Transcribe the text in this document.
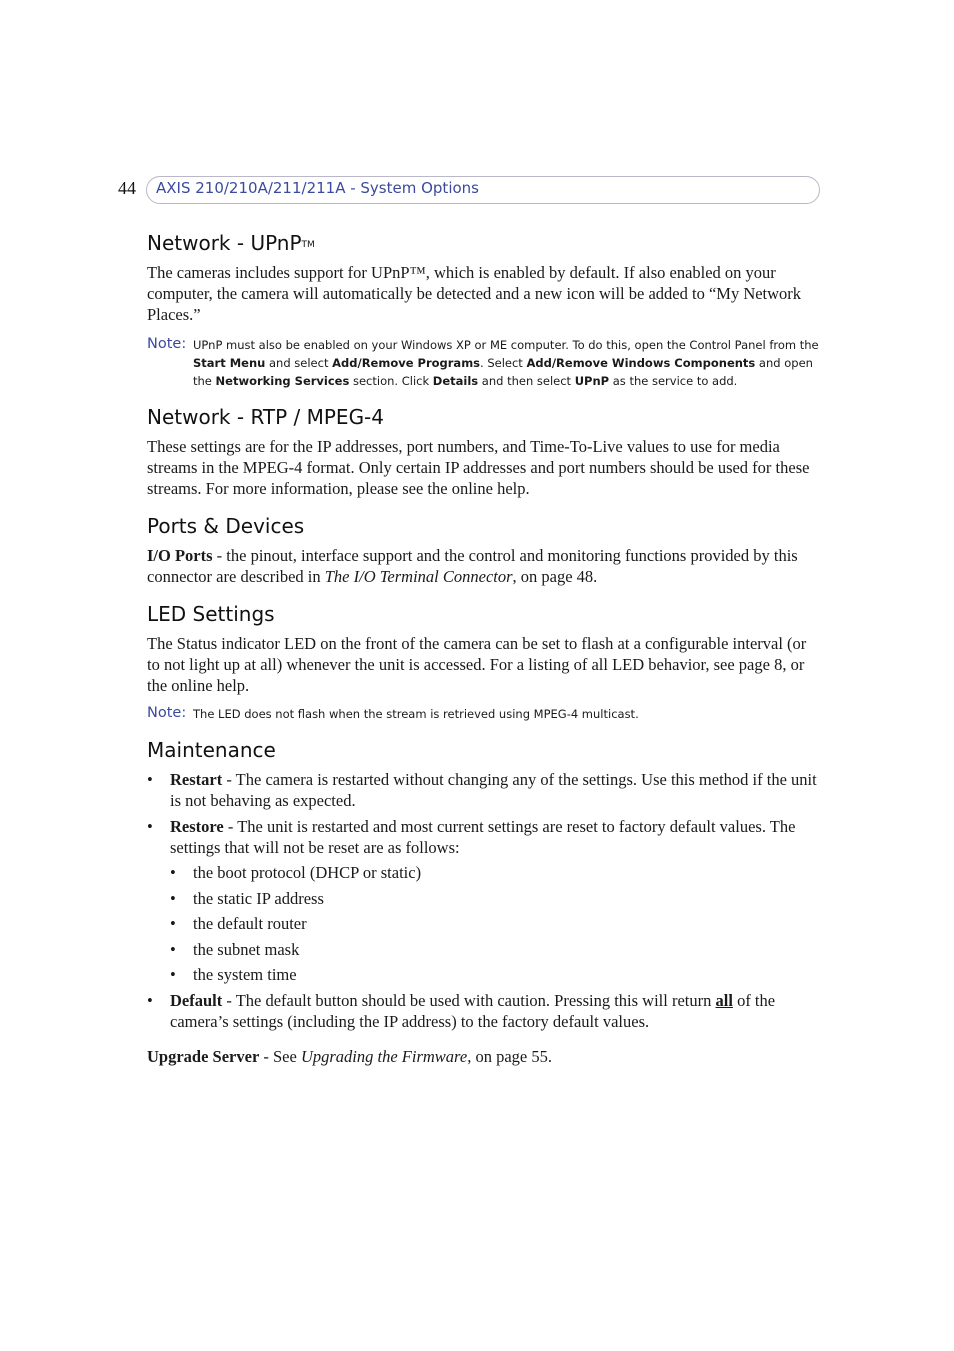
44 AXIS 210/210A/211/211A - System Options
Network - UPnP™

The cameras includes support for UPnP™, which is enabled by default. If also enabled on your computer, the camera will automatically be detected and a new icon will be added to “My Network Places.”

Note: UPnP must also be enabled on your Windows XP or ME computer. To do this, open the Control Panel from the Start Menu and select Add/Remove Programs. Select Add/Remove Windows Components and open the Networking Services section. Click Details and then select UPnP as the service to add.
Network - RTP / MPEG-4

These settings are for the IP addresses, port numbers, and Time-To-Live values to use for media streams in the MPEG-4 format. Only certain IP addresses and port numbers should be used for these streams. For more information, please see the online help.

Ports & Devices

I/O Ports - the pinout, interface support and the control and monitoring functions provided by this connector are described in The I/O Terminal Connector, on page 48.

LED Settings

The Status indicator LED on the front of the camera can be set to flash at a configurable interval (or to not light up at all) whenever the unit is accessed. For a listing of all LED behavior, see page 8, or the online help.

Note: The LED does not flash when the stream is retrieved using MPEG-4 multicast.
Maintenance
• Restart - The camera is restarted without changing any of the settings. Use this method if the unit is not behaving as expected.
• Restore - The unit is restarted and most current settings are reset to factory default values. The settings that will not be reset are as follows:
• the boot protocol (DHCP or static)
• the static IP address
• the default router
• the subnet mask
• the system time
• Default - The default button should be used with caution. Pressing this will return all of the camera’s settings (including the IP address) to the factory default values.

Upgrade Server - See Upgrading the Firmware, on page 55.
